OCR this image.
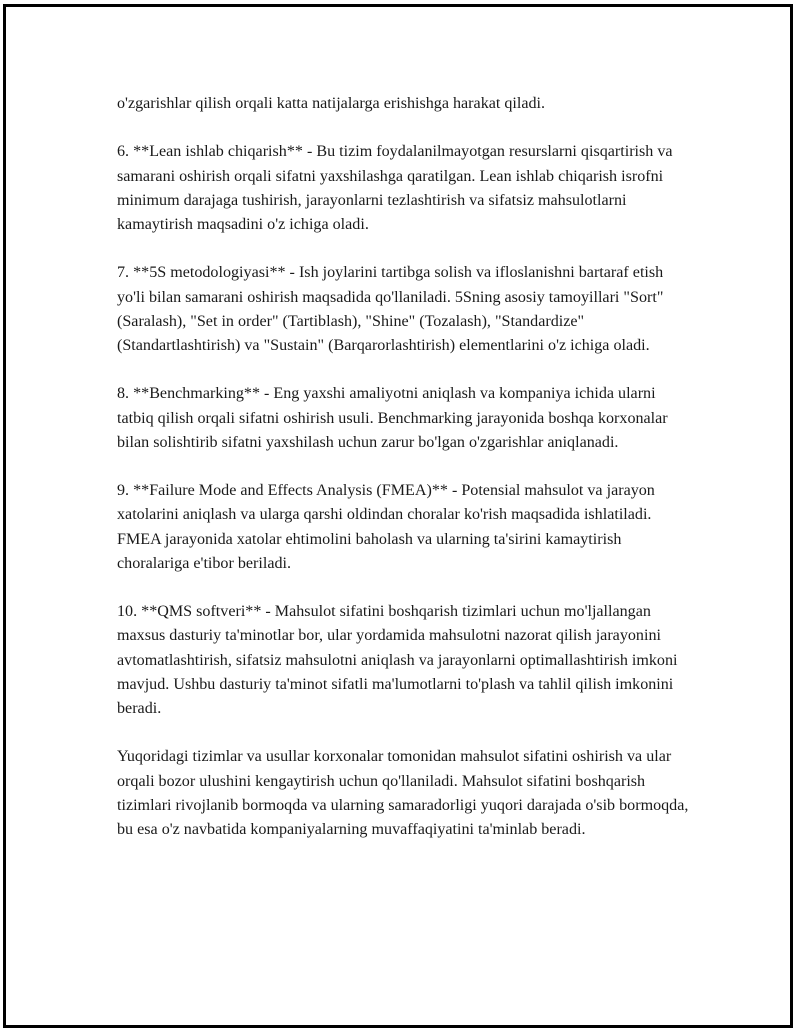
o'zgarishlar qilish orqali katta natijalarga erishishga harakat qiladi.

6. **Lean ishlab chiqarish** - Bu tizim foydalanilmayotgan resurslarni qisqartirish va samarani oshirish orqali sifatni yaxshilashga qaratilgan. Lean ishlab chiqarish isrofni minimum darajaga tushirish, jarayonlarni tezlashtirish va sifatsiz mahsulotlarni kamaytirish maqsadini o'z ichiga oladi.

7. **5S metodologiyasi** - Ish joylarini tartibga solish va ifloslanishni bartaraf etish yo'li bilan samarani oshirish maqsadida qo'llaniladi. 5Sning asosiy tamoyillari "Sort" (Saralash), "Set in order" (Tartiblash), "Shine" (Tozalash), "Standardize" (Standartlashtirish) va "Sustain" (Barqarorlashtirish) elementlarini o'z ichiga oladi.

8. **Benchmarking** - Eng yaxshi amaliyotni aniqlash va kompaniya ichida ularni tatbiq qilish orqali sifatni oshirish usuli. Benchmarking jarayonida boshqa korxonalar bilan solishtirib sifatni yaxshilash uchun zarur bo'lgan o'zgarishlar aniqlanadi.

9. **Failure Mode and Effects Analysis (FMEA)** - Potensial mahsulot va jarayon xatolarini aniqlash va ularga qarshi oldindan choralar ko'rish maqsadida ishlatiladi. FMEA jarayonida xatolar ehtimolini baholash va ularning ta'sirini kamaytirish choralariga e'tibor beriladi.

10. **QMS softveri** - Mahsulot sifatini boshqarish tizimlari uchun mo'ljallangan maxsus dasturiy ta'minotlar bor, ular yordamida mahsulotni nazorat qilish jarayonini avtomatlashtirish, sifatsiz mahsulotni aniqlash va jarayonlarni optimallashtirish imkoni mavjud. Ushbu dasturiy ta'minot sifatli ma'lumotlarni to'plash va tahlil qilish imkonini beradi.

Yuqoridagi tizimlar va usullar korxonalar tomonidan mahsulot sifatini oshirish va ular orqali bozor ulushini kengaytirish uchun qo'llaniladi. Mahsulot sifatini boshqarish tizimlari rivojlanib bormoqda va ularning samaradorligi yuqori darajada o'sib bormoqda, bu esa o'z navbatida kompaniyalarning muvaffaqiyatini ta'minlab beradi.
